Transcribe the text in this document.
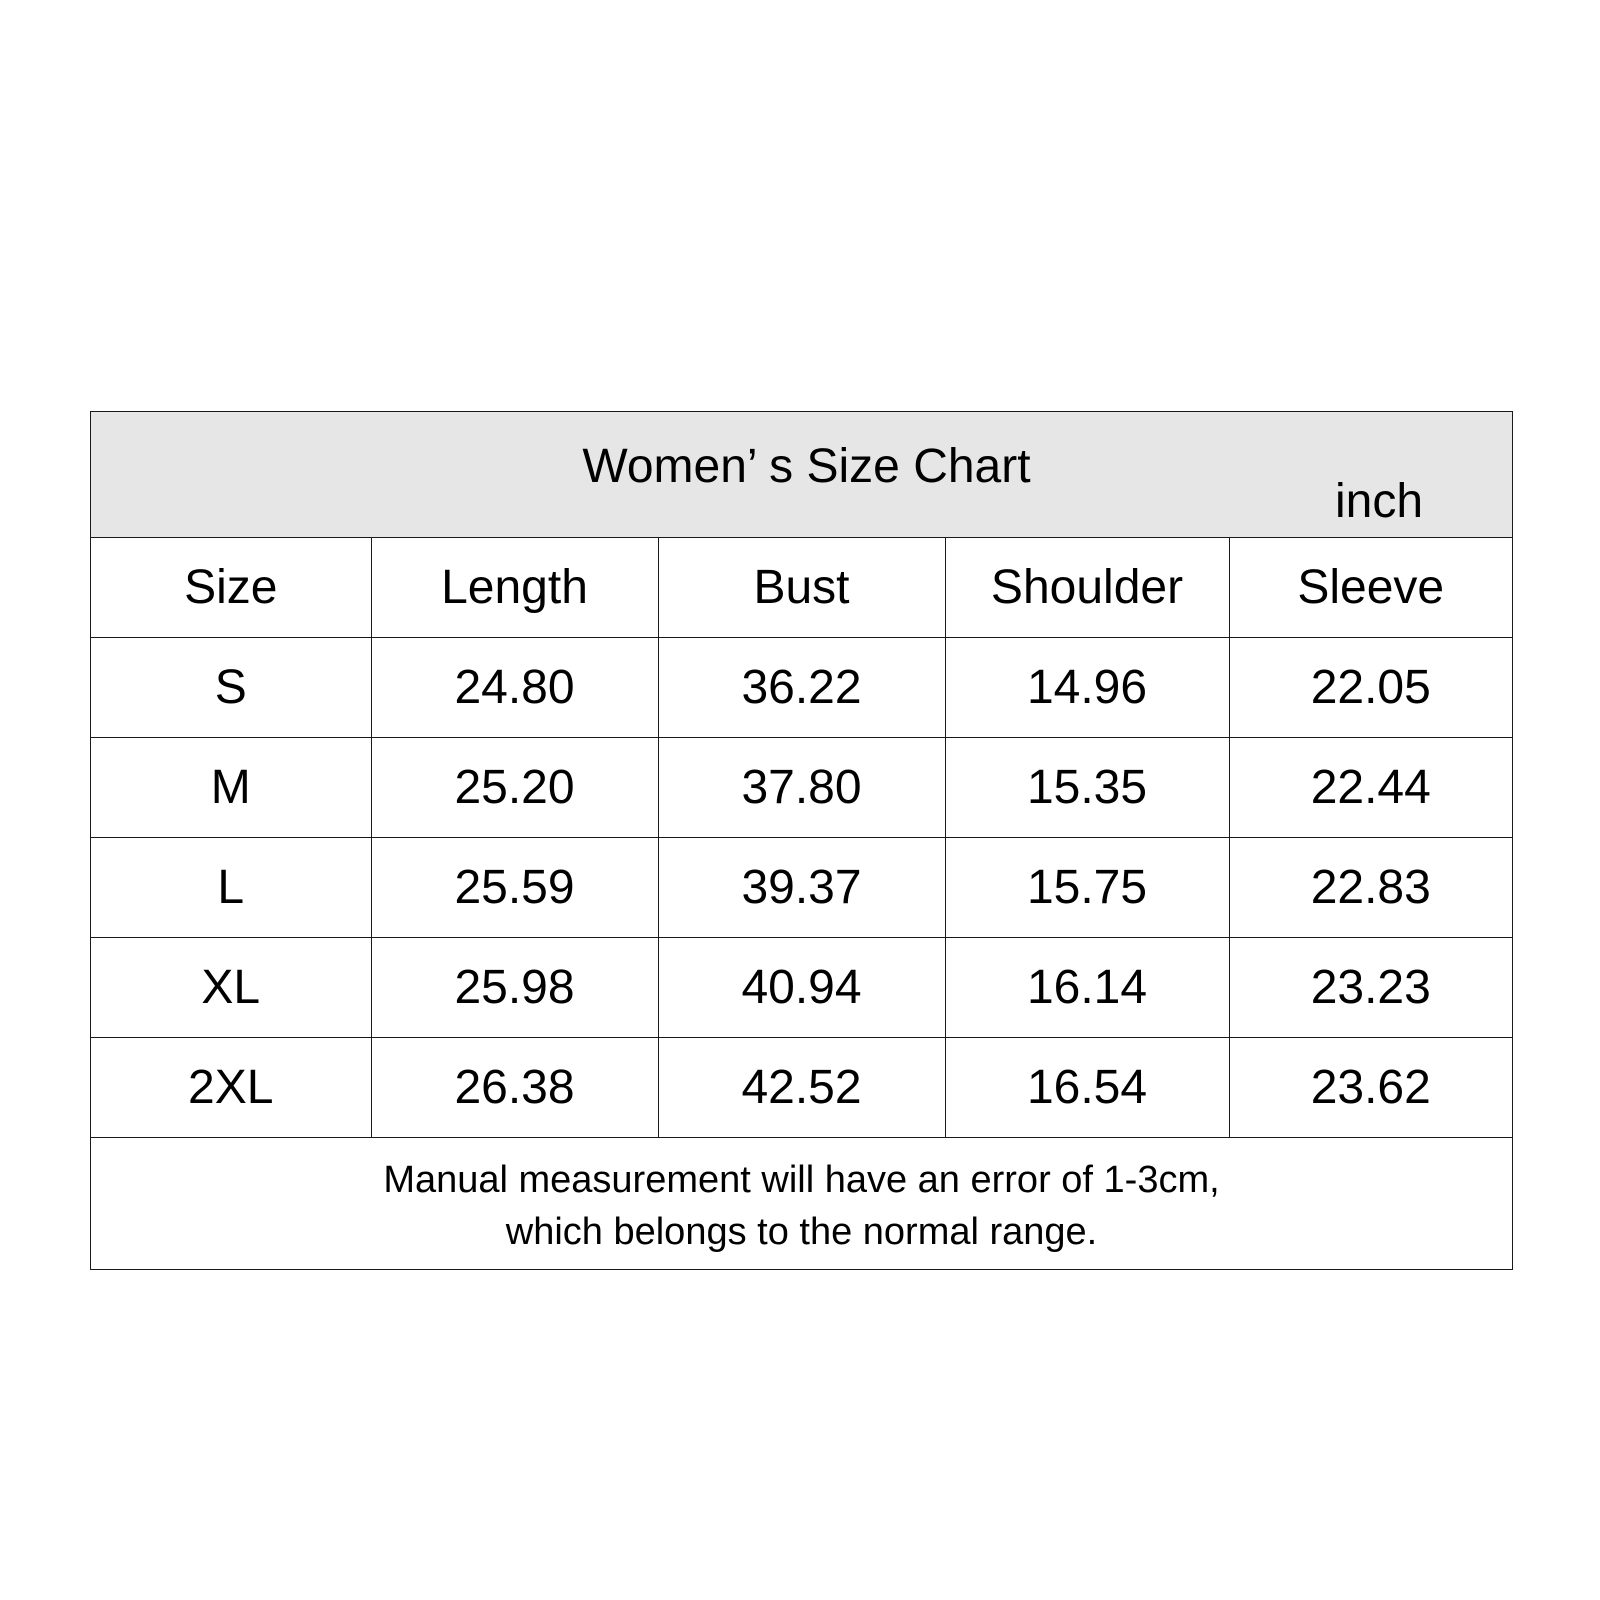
Women’ s Size Chart
inch
Size	Length	Bust	Shoulder	Sleeve
S	24.80	36.22	14.96	22.05
M	25.20	37.80	15.35	22.44
L	25.59	39.37	15.75	22.83
XL	25.98	40.94	16.14	23.23
2XL	26.38	42.52	16.54	23.62
Manual measurement will have an error of 1-3cm,
which belongs to the normal range.
